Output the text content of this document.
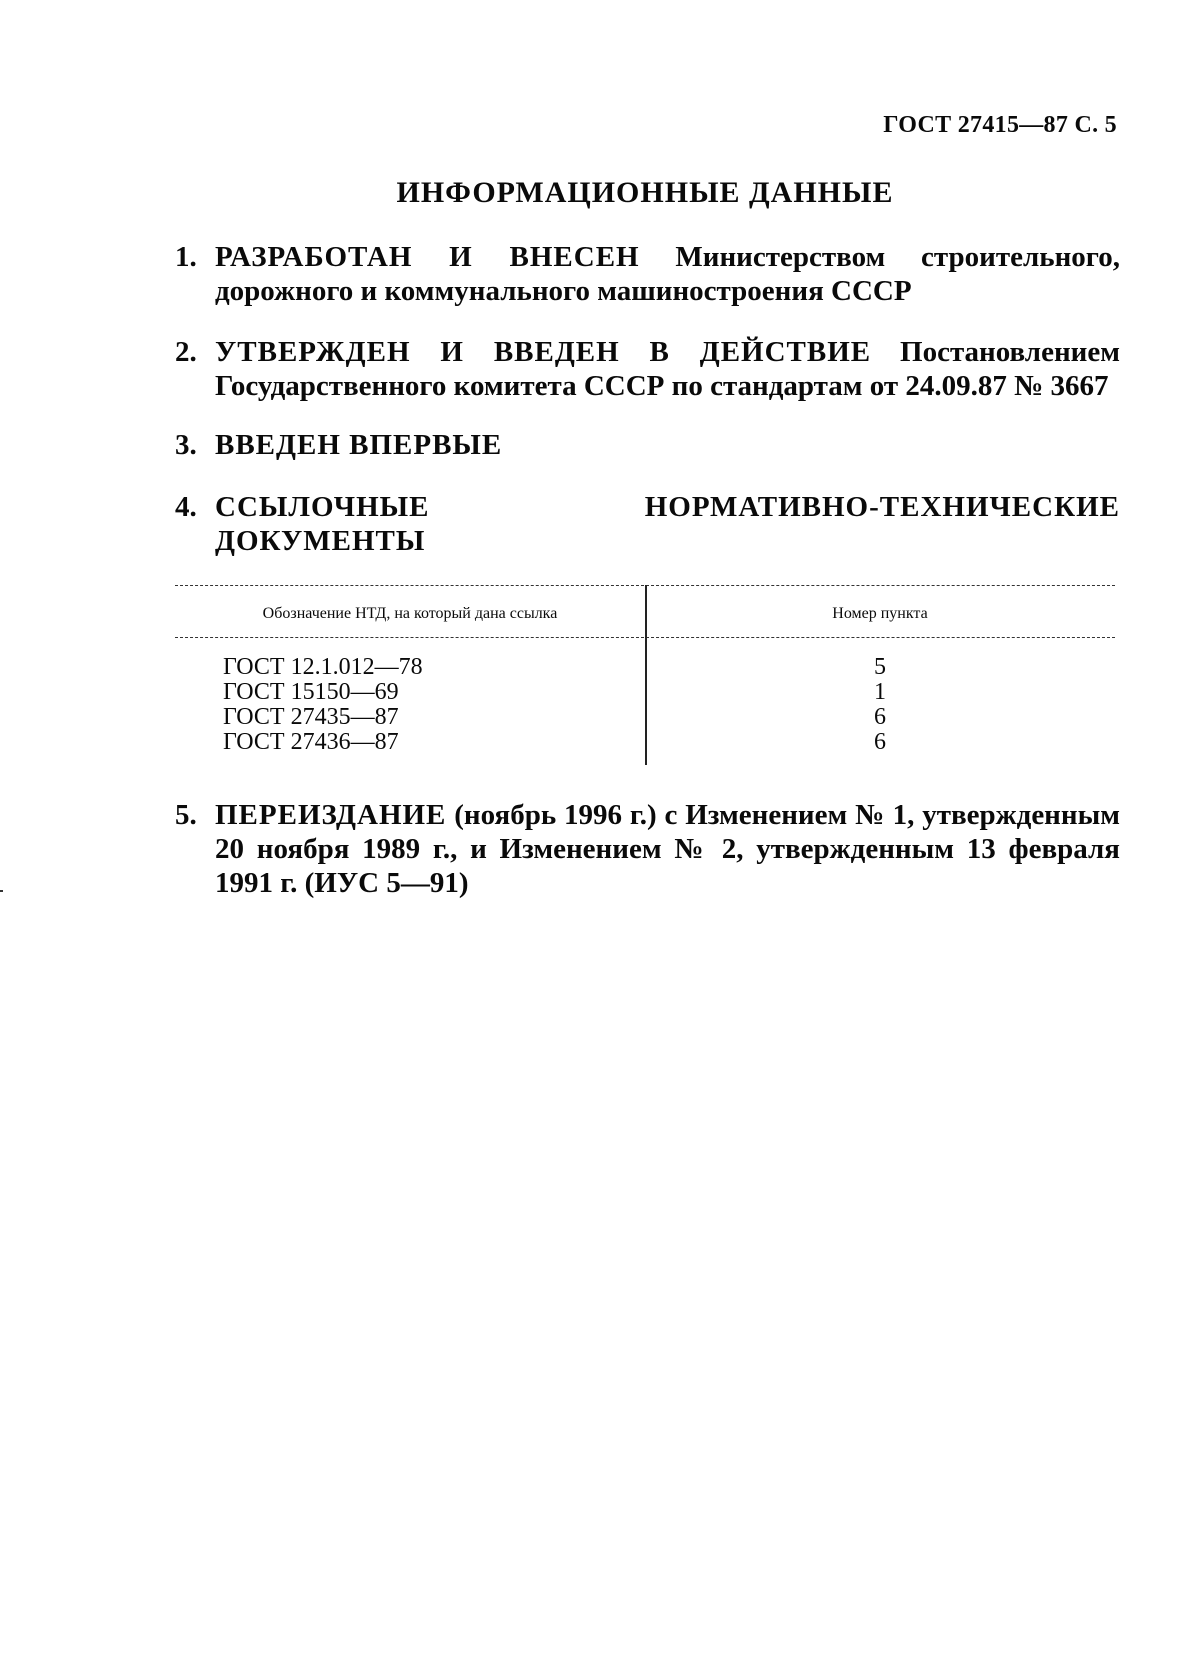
ГОСТ 27415—87 С. 5
ИНФОРМАЦИОННЫЕ ДАННЫЕ
1. РАЗРАБОТАН И ВНЕСЕН Министерством строительного, дорожного и коммунального машиностроения СССР
2. УТВЕРЖДЕН И ВВЕДЕН В ДЕЙСТВИЕ Постановлением Государственного комитета СССР по стандартам от 24.09.87 № 3667
3. ВВЕДЕН ВПЕРВЫЕ
4. ССЫЛОЧНЫЕ НОРМАТИВНО-ТЕХНИЧЕСКИЕ ДОКУМЕНТЫ
Обозначение НТД, на который дана ссылка	Номер пункта
ГОСТ 12.1.012—78
ГОСТ 15150—69
ГОСТ 27435—87
ГОСТ 27436—87
5
1
6
6
5. ПЕРЕИЗДАНИЕ (ноябрь 1996 г.) с Изменением № 1, утвержденным 20 ноября 1989 г., и Изменением № 2, утвержденным 13 февраля 1991 г. (ИУС 5—91)
